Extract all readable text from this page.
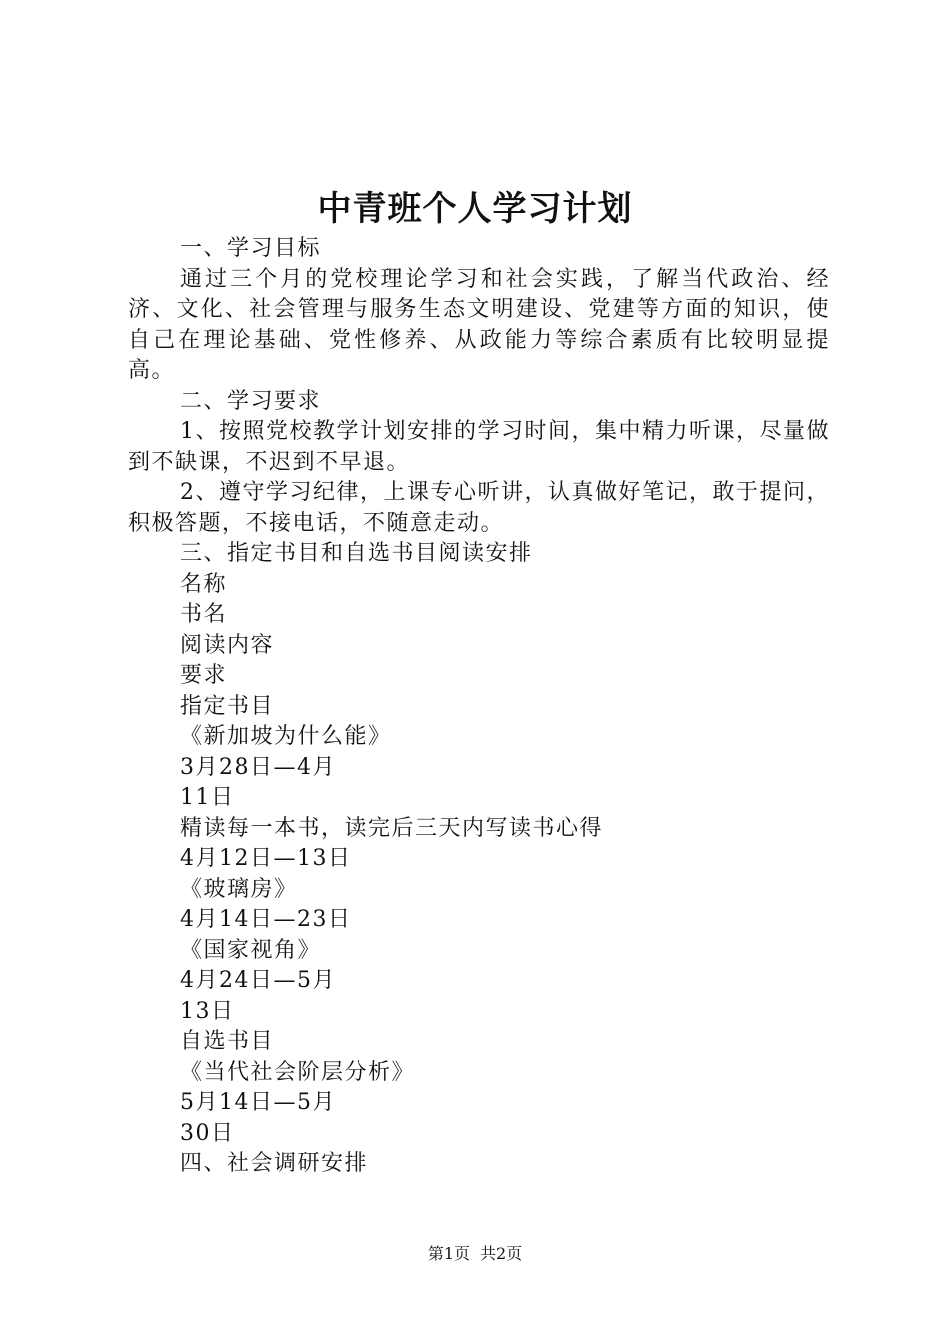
中青班个人学习计划
一、学习目标
通过三个月的党校理论学习和社会实践，了解当代政治、经济、文化、社会管理与服务生态文明建设、党建等方面的知识，使自己在理论基础、党性修养、从政能力等综合素质有比较明显提高。
二、学习要求
1、按照党校教学计划安排的学习时间，集中精力听课，尽量做到不缺课，不迟到不早退。
2、遵守学习纪律，上课专心听讲，认真做好笔记，敢于提问，积极答题，不接电话，不随意走动。
三、指定书目和自选书目阅读安排
名称
书名
阅读内容
要求
指定书目
《新加坡为什么能》
3月28日—4月
11日
精读每一本书，读完后三天内写读书心得
4月12日—13日
《玻璃房》
4月14日—23日
《国家视角》
4月24日—5月
13日
自选书目
《当代社会阶层分析》
5月14日—5月
30日
四、社会调研安排
第1页 共2页
